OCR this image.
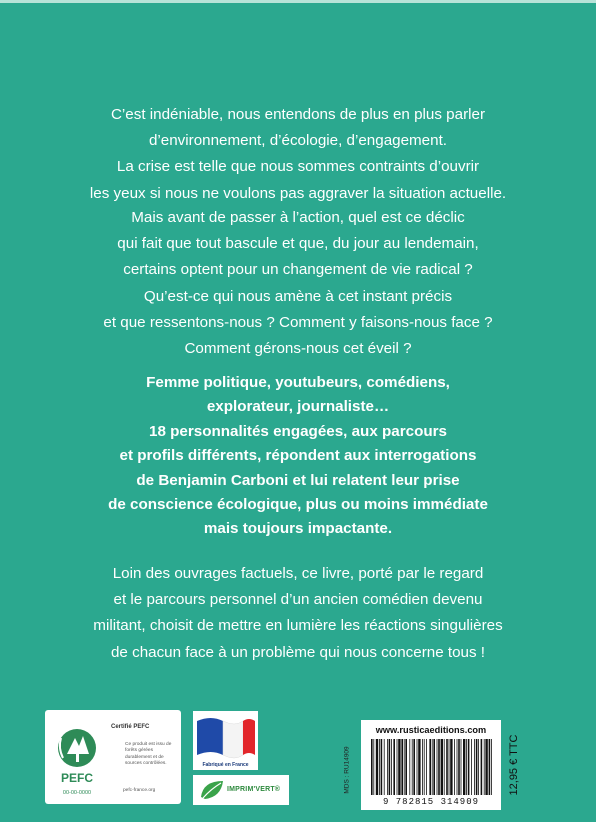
C’est indéniable, nous entendons de plus en plus parler
d’environnement, d’écologie, d’engagement.
La crise est telle que nous sommes contraints d’ouvrir
les yeux si nous ne voulons pas aggraver la situation actuelle.
Mais avant de passer à l’action, quel est ce déclic
qui fait que tout bascule et que, du jour au lendemain,
certains optent pour un changement de vie radical ?
Qu’est-ce qui nous amène à cet instant précis
et que ressentons-nous ? Comment y faisons-nous face ?
Comment gérons-nous cet éveil ?
Femme politique, youtubeurs, comédiens,
explorateur, journaliste…
18 personnalités engagées, aux parcours
et profils différents, répondent aux interrogations
de Benjamin Carboni et lui relatent leur prise
de conscience écologique, plus ou moins immédiate
mais toujours impactante.
Loin des ouvrages factuels, ce livre, porté par le regard
et le parcours personnel d’un ancien comédien devenu
militant, choisit de mettre en lumière les réactions singulières
de chacun face à un problème qui nous concerne tous !
PEFC
00-00-0000
Certifié PEFC
Ce produit est issu de forêts gérées durablement et de sources contrôlées.
pefc-france.org
Fabriqué en France
IMPRIM'VERT®	MDS : RU14909
www.rusticaeditions.com
9 782815 314909
12,95 € TTC
